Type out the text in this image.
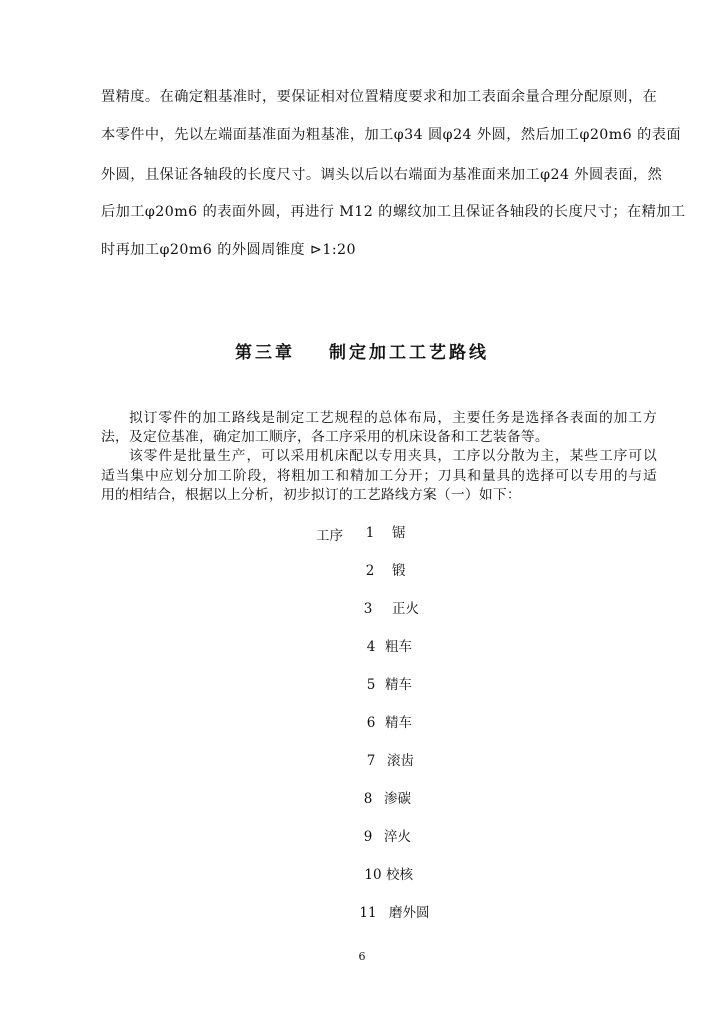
置精度。在确定粗基准时，要保证相对位置精度要求和加工表面余量合理分配原则，在
本零件中，先以左端面基准面为粗基准，加工φ34 圆φ24 外圆，然后加工φ20m6 的表面
外圆，且保证各轴段的长度尺寸。调头以后以右端面为基准面来加工φ24 外圆表面，然
后加工φ20m6 的表面外圆，再进行 M12 的螺纹加工且保证各轴段的长度尺寸；在精加工
时再加工φ20m6 的外圆周锥度 ⊳1:20
第三章 制定加工工艺路线
拟订零件的加工路线是制定工艺规程的总体布局，主要任务是选择各表面的加工方
法，及定位基准，确定加工顺序，各工序采用的机床设备和工艺装备等。
该零件是批量生产，可以采用机床配以专用夹具，工序以分散为主，某些工序可以
适当集中应划分加工阶段，将粗加工和精加工分开；刀具和量具的选择可以专用的与适
用的相结合，根据以上分析，初步拟订的工艺路线方案（一）如下：
工序 1 锯
2 锻
3 正火
4 粗车
5 精车
6 精车
7 滚齿
8 渗碳
9 淬火
10 校核
11 磨外圆
6
